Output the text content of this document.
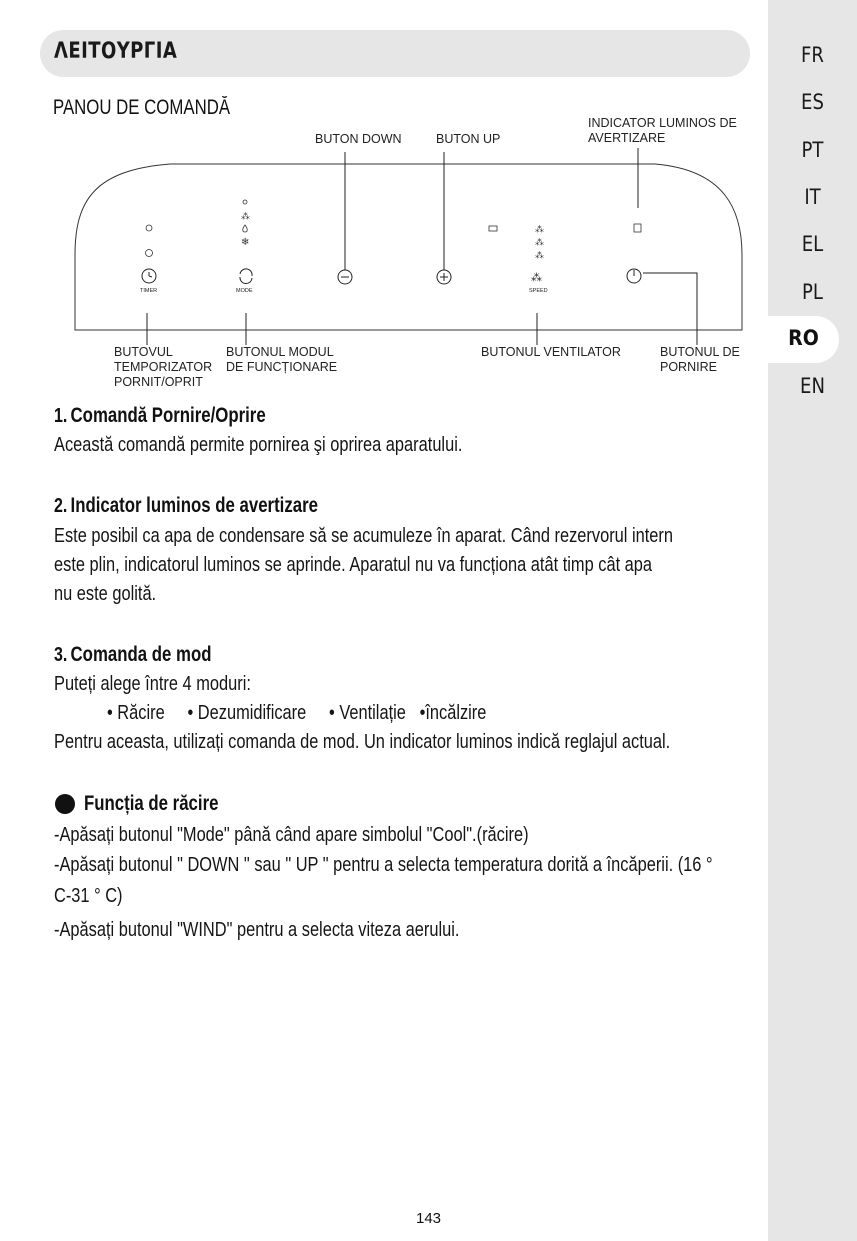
ΛΕΙΤΟΥΡΓΙΑ	FR
ES
PT
IT
EL
PL
EN
RO
PANOU DE COMANDĂ
⁂
❄
⁂
⁂
⁂
⁂
TIMER	MODE	SPEED
BUTON DOWN	BUTON UP
INDICATOR LUMINOS DE
AVERTIZARE
BUTOVUL
TEMPORIZATOR
PORNIT/OPRIT
BUTONUL MODUL
DE FUNCȚIONARE
BUTONUL VENTILATOR	BUTONUL DE
PORNIRE
1. Comandă Pornire/Oprire
Această comandă permite pornirea şi oprirea aparatului.
2. Indicator luminos de avertizare
Este posibil ca apa de condensare să se acumuleze în aparat. Când rezervorul intern
este plin, indicatorul luminos se aprinde. Aparatul nu va funcționa atât timp cât apa
nu este golită.
3. Comanda de mod
Puteți alege între 4 moduri:
• Răcire • Dezumidificare • Ventilație •încălzire
Pentru aceasta, utilizați comanda de mod. Un indicator luminos indică reglajul actual.
Funcția de răcire
-Apăsați butonul "Mode" până când apare simbolul "Cool".(răcire)
-Apăsați butonul " DOWN " sau " UP " pentru a selecta temperatura dorită a încăperii. (16 °
C-31 ° C)
-Apăsați butonul "WIND" pentru a selecta viteza aerului.
143
